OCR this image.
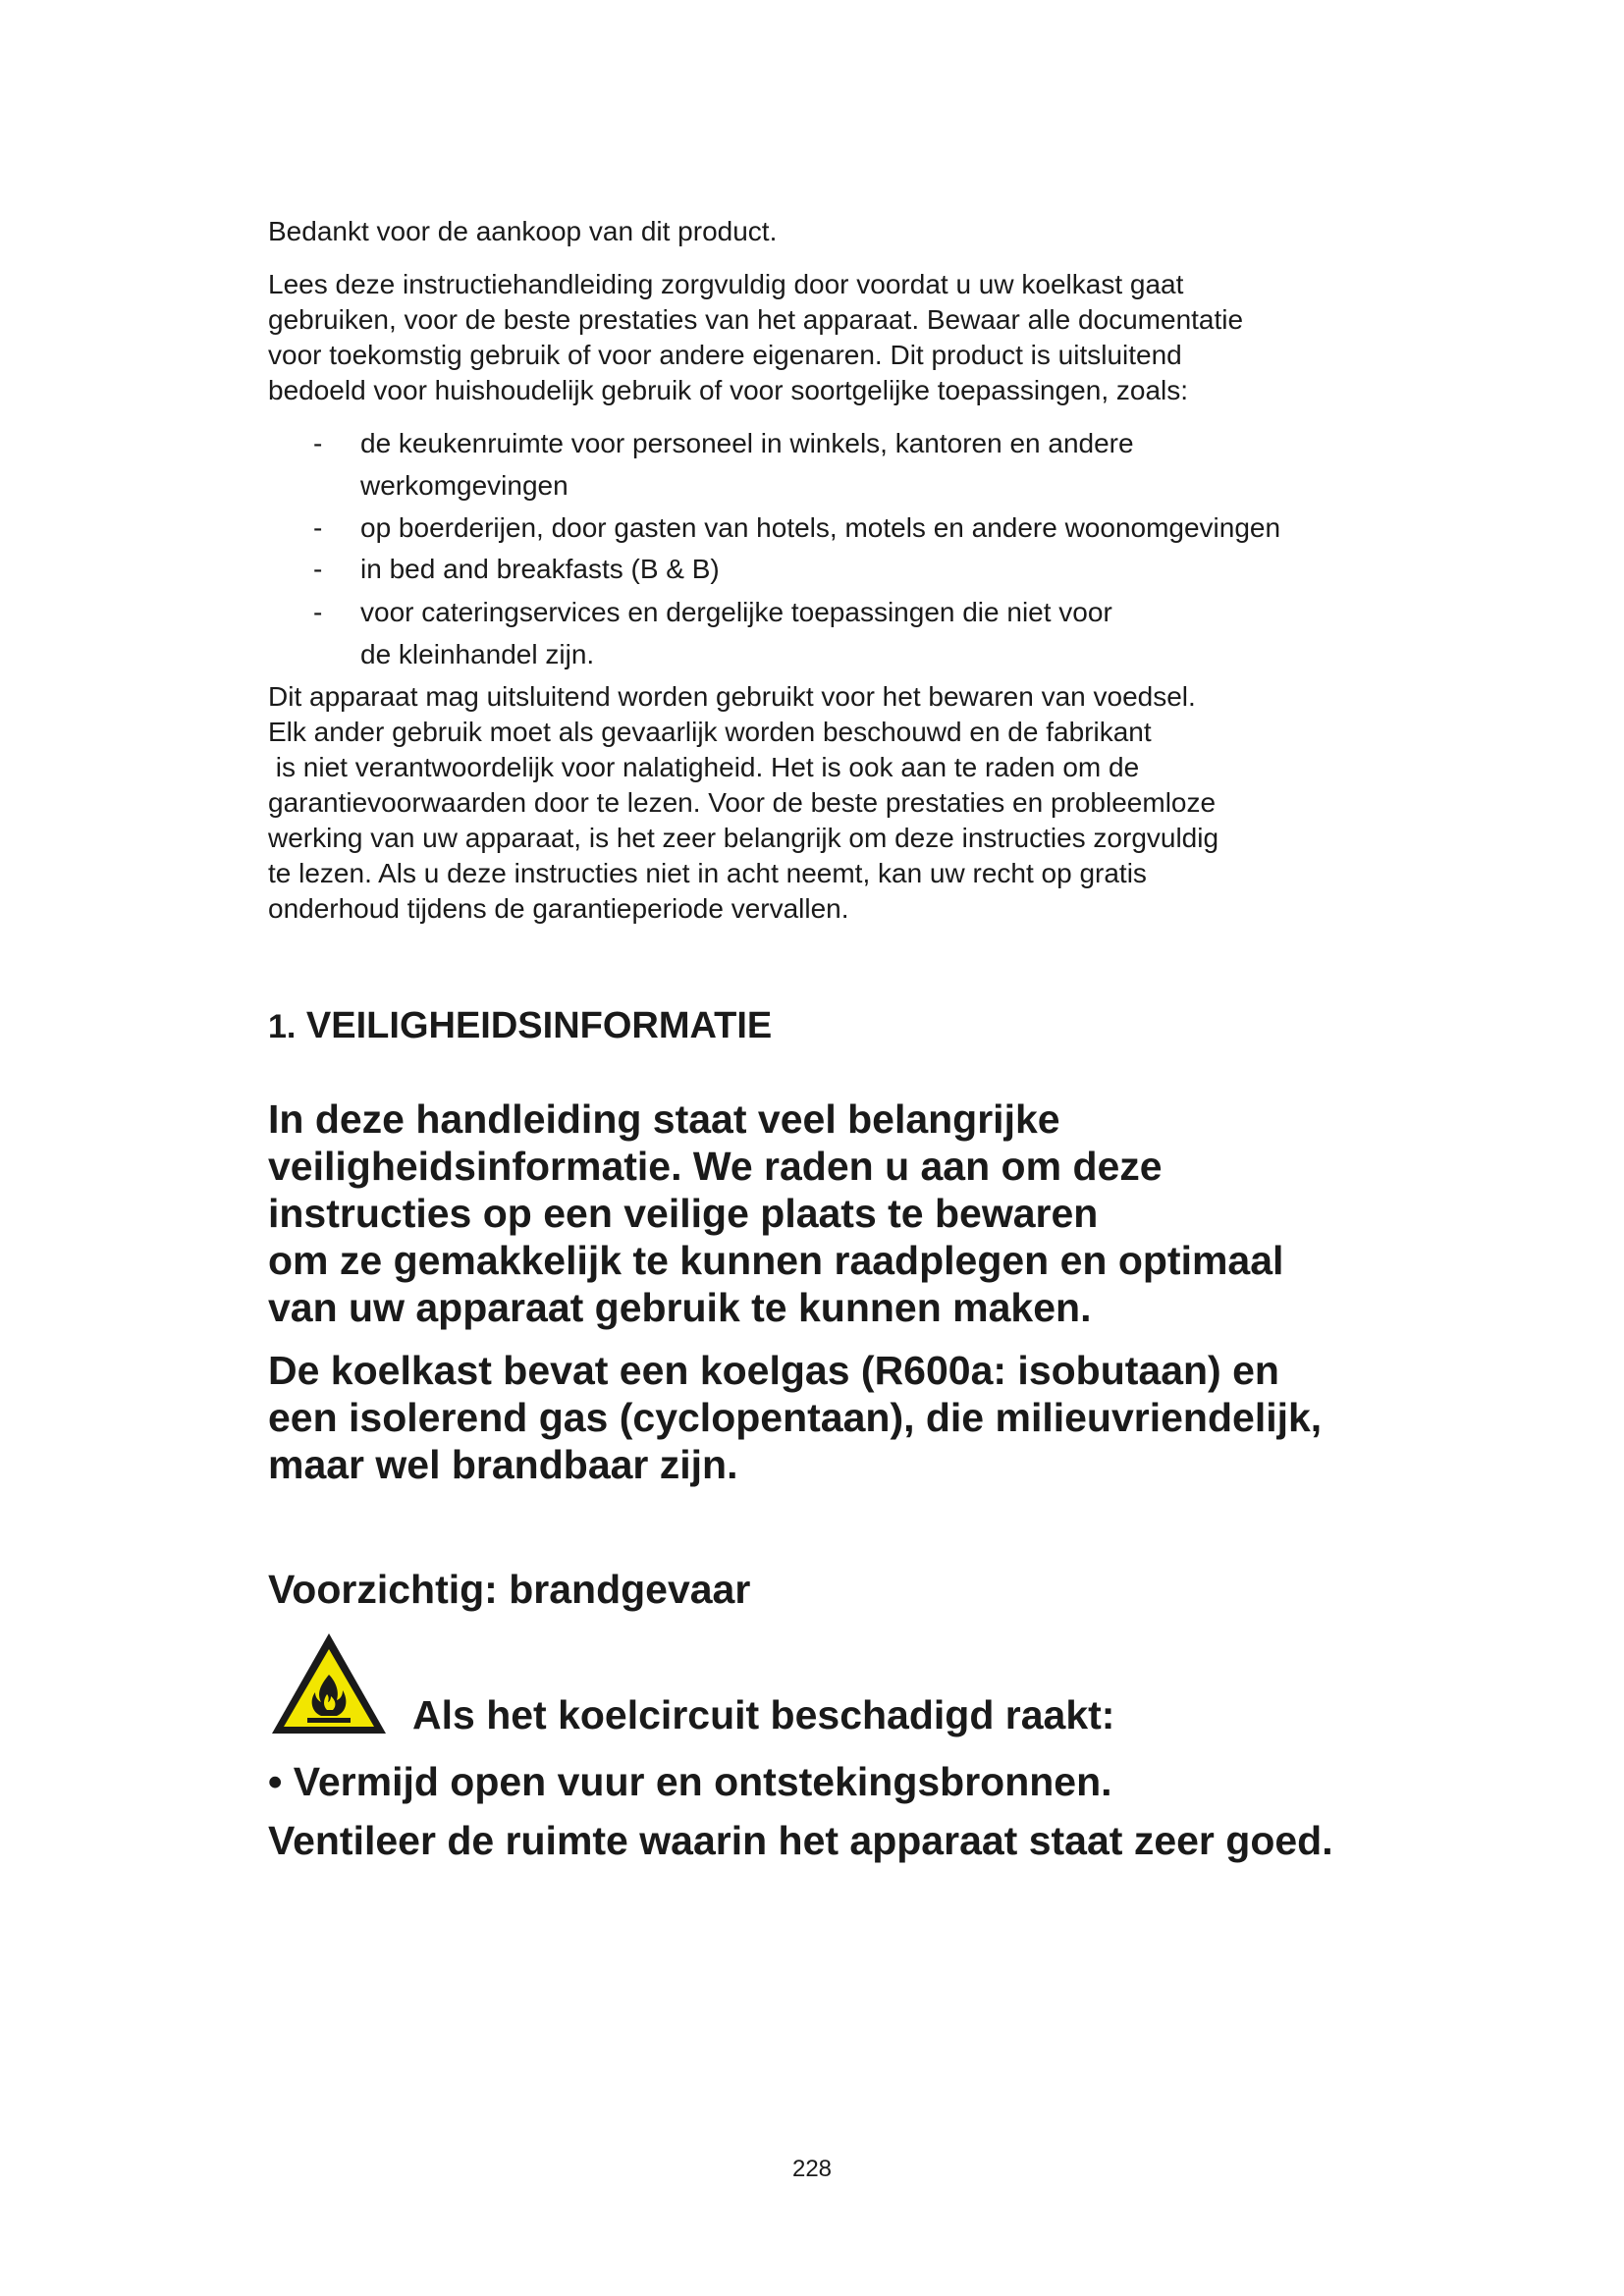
Bedankt voor de aankoop van dit product.
Lees deze instructiehandleiding zorgvuldig door voordat u uw koelkast gaat
gebruiken, voor de beste prestaties van het apparaat. Bewaar alle documentatie
voor toekomstig gebruik of voor andere eigenaren. Dit product is uitsluitend
bedoeld voor huishoudelijk gebruik of voor soortgelijke toepassingen, zoals:
- de keukenruimte voor personeel in winkels, kantoren en andere
werkomgevingen
- op boerderijen, door gasten van hotels, motels en andere woonomgevingen
- in bed and breakfasts (B & B)
- voor cateringservices en dergelijke toepassingen die niet voor
de kleinhandel zijn.
Dit apparaat mag uitsluitend worden gebruikt voor het bewaren van voedsel.
Elk ander gebruik moet als gevaarlijk worden beschouwd en de fabrikant
is niet verantwoordelijk voor nalatigheid. Het is ook aan te raden om de
garantievoorwaarden door te lezen. Voor de beste prestaties en probleemloze
werking van uw apparaat, is het zeer belangrijk om deze instructies zorgvuldig
te lezen. Als u deze instructies niet in acht neemt, kan uw recht op gratis
onderhoud tijdens de garantieperiode vervallen.
1. VEILIGHEIDSINFORMATIE
In deze handleiding staat veel belangrijke
veiligheidsinformatie. We raden u aan om deze
instructies op een veilige plaats te bewaren
om ze gemakkelijk te kunnen raadplegen en optimaal
van uw apparaat gebruik te kunnen maken.
De koelkast bevat een koelgas (R600a: isobutaan) en
een isolerend gas (cyclopentaan), die milieuvriendelijk,
maar wel brandbaar zijn.
Voorzichtig: brandgevaar
Als het koelcircuit beschadigd raakt:
• Vermijd open vuur en ontstekingsbronnen.
Ventileer de ruimte waarin het apparaat staat zeer goed.
228
